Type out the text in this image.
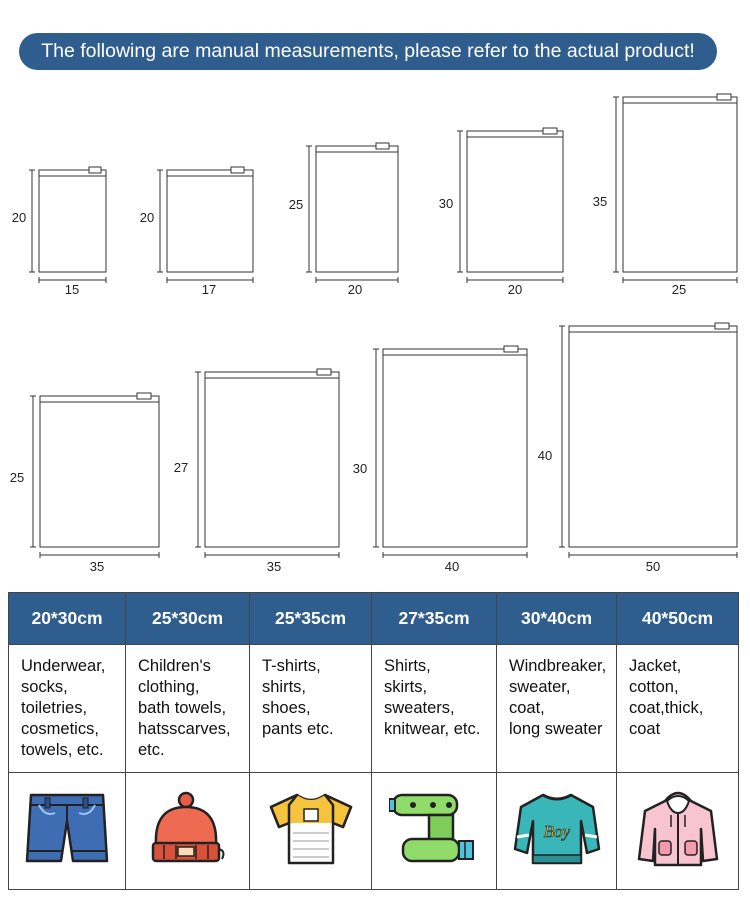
The following are manual measurements, please refer to the actual product!
20
15
20
17
25
20
30
20
35
25
25
35
27
35
30
40
40
50
20*30cm	25*30cm	25*35cm	27*35cm	30*40cm	40*50cm

Underwear,
socks,
toiletries,
cosmetics,
towels, etc.	Children's
clothing,
bath towels,
hatsscarves,
etc.	T-shirts,
shirts,
shoes,
pants etc.	Shirts,
skirts,
sweaters,
knitwear, etc.	Windbreaker,
sweater,
coat,
long sweater	Jacket,
cotton,
coat,thick,
coat

Boy
